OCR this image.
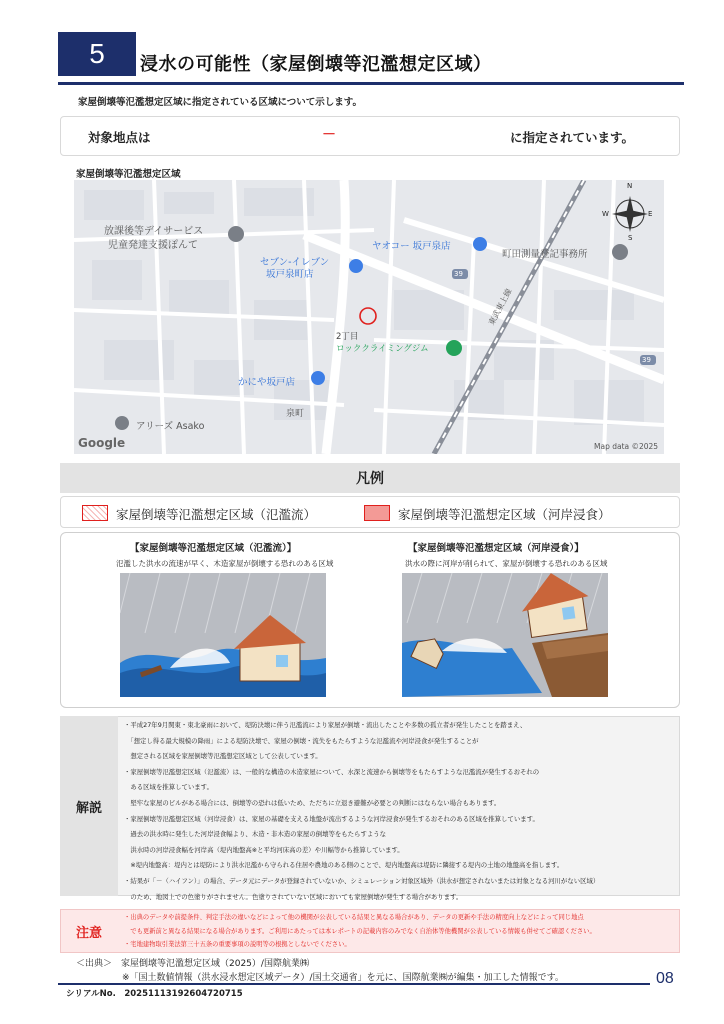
5	浸水の可能性（家屋倒壊等氾濫想定区域）
家屋倒壊等氾濫想定区域に指定されている区域について示します。
対象地点は	－	に指定されています。
家屋倒壊等氾濫想定区域
放課後等デイサービス
児童発達支援ぽんて
セブン-イレブン
坂戸泉町店
ヤオコー 坂戸泉店
町田測量登記事務所
2丁目
ロッククライミングジム
かにや坂戸店
泉町
アリーズ Asako
東武東上線
39
39
Google	Map data ©2025
N
E
S
W
凡例
家屋倒壊等氾濫想定区域（氾濫流）	家屋倒壊等氾濫想定区域（河岸浸食）
【家屋倒壊等氾濫想定区域（氾濫流）】
氾濫した洪水の流速が早く、木造家屋が倒壊する恐れのある区域
【家屋倒壊等氾濫想定区域（河岸浸食）】
洪水の際に河岸が削られて、家屋が倒壊する恐れのある区域
解説
・平成27年9月関東・東北豪雨において、堤防決壊に伴う氾濫流により家屋が倒壊・流出したことや多数の孤立者が発生したことを踏まえ、
　「想定し得る最大規模の降雨」による堤防決壊で、家屋の倒壊・流失をもたらすような氾濫流や河岸浸食が発生することが
　想定される区域を家屋倒壊等氾濫想定区域として公表しています。
・家屋倒壊等氾濫想定区域（氾濫流）は、一般的な構造の木造家屋について、水深と流速から倒壊等をもたらすような氾濫流が発生するおそれの
　ある区域を推算しています。
　堅牢な家屋のビルがある場合には、倒壊等の恐れは低いため、ただちに立退き避難が必要との判断にはならない場合もあります。
・家屋倒壊等氾濫想定区域（河岸浸食）は、家屋の基礎を支える地盤が流出するような河岸浸食が発生するおそれのある区域を推算しています。
　過去の洪水時に発生した河岸浸食幅より、木造・非木造の家屋の倒壊等をもたらすような
　洪水時の河岸浸食幅を河岸高（堤内地盤高※と平均河床高の差）や川幅等から推算しています。
　※堤内地盤高：堤内とは堤防により洪水氾濫から守られる住居や農地のある側のことで、堤内地盤高は堤防に隣接する堤内の土地の地盤高を指します。
・結果が「－（ハイフン）」の場合、データ元にデータが登録されていないか、シミュレーション対象区域外（洪水が想定されないまたは対象となる河川がない区域）
　のため、地図上での色塗りがされません。色塗りされていない区域においても家屋倒壊が発生する場合があります。
注意
・出典のデータや前提条件、判定手法の違いなどによって他の機関が公表している結果と異なる場合があり、データの更新や手法の精度向上などによって同じ地点
　でも更新前と異なる結果になる場合があります。ご利用にあたっては本レポートの記載内容のみでなく自治体等他機関が公表している情報も併せてご確認ください。
・宅地建物取引業法第三十五条の重要事項の説明等の根拠としないでください。
＜出典＞　家屋倒壊等氾濫想定区域（2025）/国際航業㈱
※「国土数値情報（洪水浸水想定区域データ）/国土交通省」を元に、国際航業㈱が編集・加工した情報です。
シリアルNo.　20251113192604720715
08
